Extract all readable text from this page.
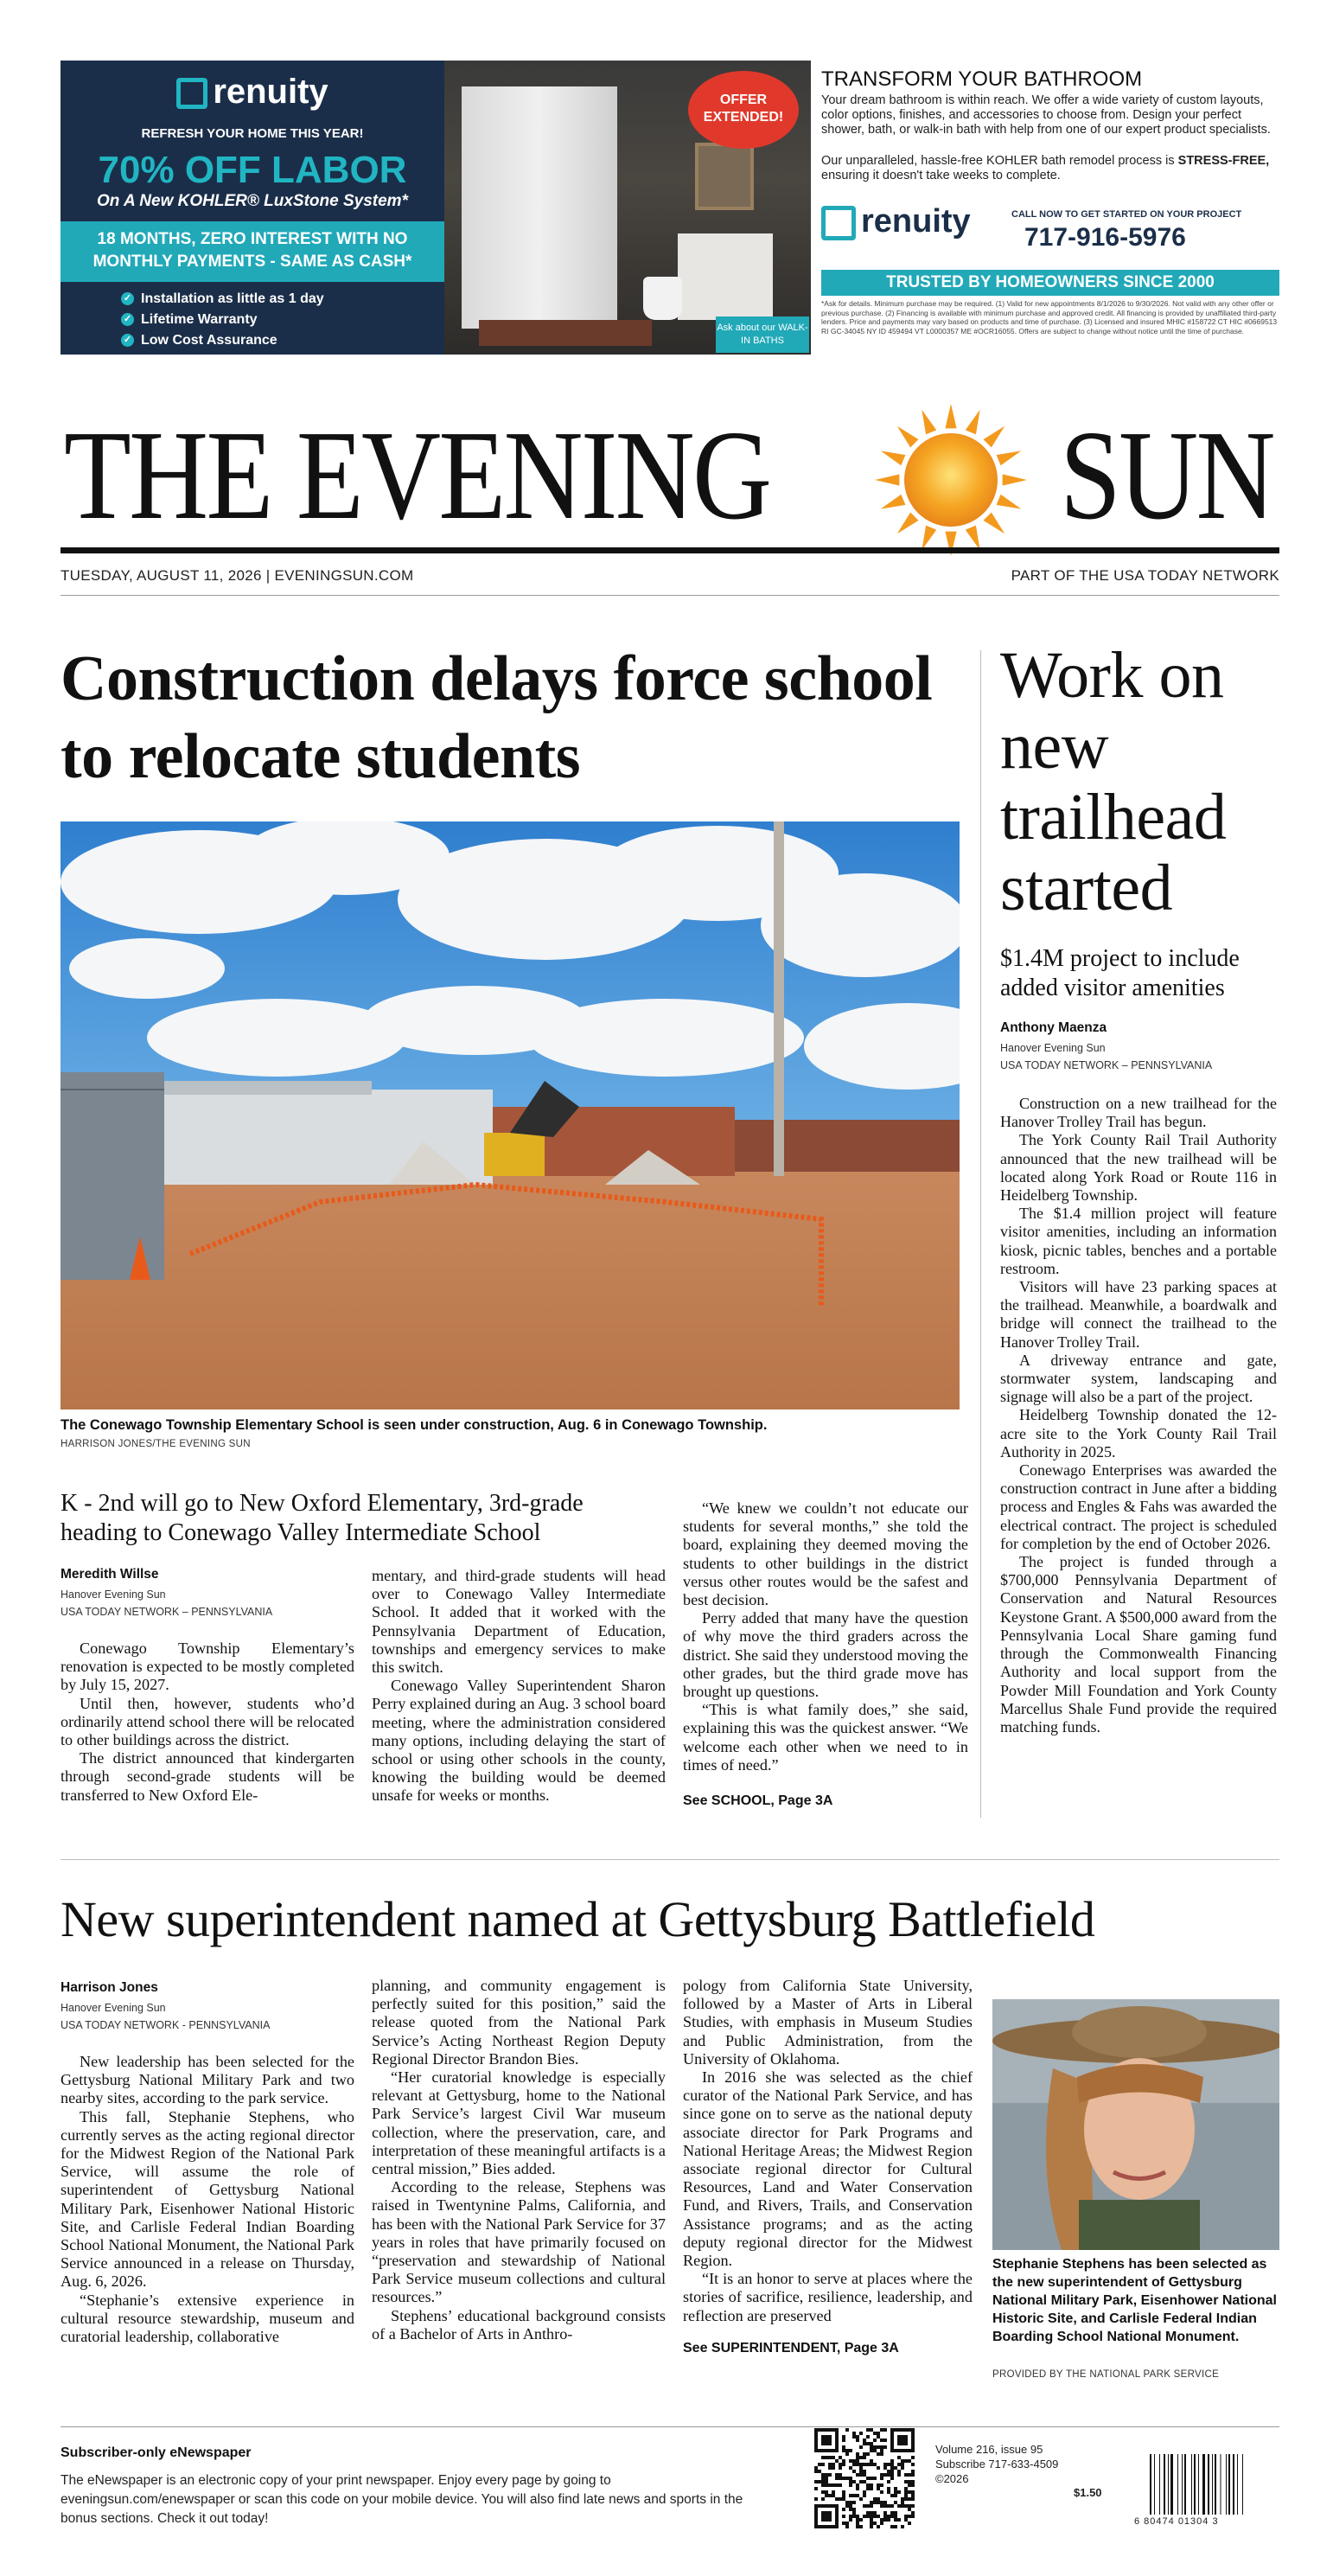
renuity
REFRESH YOUR HOME THIS YEAR!
70% OFF LABOR
On A New KOHLER® LuxStone System*
18 MONTHS, ZERO INTEREST WITH NO MONTHLY PAYMENTS - SAME AS CASH*
✓ Installation as little as 1 day
✓ Lifetime Warranty
✓ Low Cost Assurance
OFFER EXTENDED!
Ask about our WALK-IN BATHS
TRANSFORM YOUR BATHROOM
Your dream bathroom is within reach. We offer a wide variety of custom layouts, color options, finishes, and accessories to choose from. Design your perfect shower, bath, or walk-in bath with help from one of our expert product specialists.
Our unparalleled, hassle-free KOHLER bath remodel process is STRESS-FREE, ensuring it doesn't take weeks to complete.
renuity	CALL NOW TO GET STARTED ON YOUR PROJECT
717-916-5976
TRUSTED BY HOMEOWNERS SINCE 2000
*Ask for details. Minimum purchase may be required. (1) Valid for new appointments 8/1/2026 to 9/30/2026. Not valid with any other offer or previous purchase. (2) Financing is available with minimum purchase and approved credit. All financing is provided by unaffiliated third-party lenders. Price and payments may vary based on products and time of purchase. (3) Licensed and insured MHIC #158722 CT HIC #0669513 RI GC-34045 NY ID 459494 VT L0000357 ME #OCR16055. Offers are subject to change without notice until the time of purchase.
THE EVENING SUN
TUESDAY, AUGUST 11, 2026 | EVENINGSUN.COM	PART OF THE USA TODAY NETWORK
Construction delays force school to relocate students
The Conewago Township Elementary School is seen under construction, Aug. 6 in Conewago Township.
HARRISON JONES/THE EVENING SUN
K - 2nd will go to New Oxford Elementary, 3rd-grade heading to Conewago Valley Intermediate School
Meredith Willse
Hanover Evening Sun
USA TODAY NETWORK – PENNSYLVANIA

Conewago Township Elementary’s renovation is expected to be mostly completed by July 15, 2027.

Until then, however, students who’d ordinarily attend school there will be relocated to other buildings across the district.

The district announced that kindergarten through second-grade students will be transferred to New Oxford Ele-

mentary, and third-grade students will head over to Conewago Valley Intermediate School. It added that it worked with the Pennsylvania Department of Education, townships and emergency services to make this switch.

Conewago Valley Superintendent Sharon Perry explained during an Aug. 3 school board meeting, where the administration considered many options, including delaying the start of school or using other schools in the county, knowing the building would be deemed unsafe for weeks or months.

“We knew we couldn’t not educate our students for several months,” she told the board, explaining they deemed moving the students to other buildings in the district versus other routes would be the safest and best decision.

Perry added that many have the question of why move the third graders across the district. She said they understood moving the other grades, but the third grade move has brought up questions.

“This is what family does,” she said, explaining this was the quickest answer. “We welcome each other when we need to in times of need.”

See SCHOOL, Page 3A
Work on new trailhead started
$1.4M project to include added visitor amenities
Anthony Maenza
Hanover Evening Sun
USA TODAY NETWORK – PENNSYLVANIA

Construction on a new trailhead for the Hanover Trolley Trail has begun.

The York County Rail Trail Authority announced that the new trailhead will be located along York Road or Route 116 in Heidelberg Township.

The $1.4 million project will feature visitor amenities, including an information kiosk, picnic tables, benches and a portable restroom.

Visitors will have 23 parking spaces at the trailhead. Meanwhile, a boardwalk and bridge will connect the trailhead to the Hanover Trolley Trail.

A driveway entrance and gate, stormwater system, landscaping and signage will also be a part of the project.

Heidelberg Township donated the 12-acre site to the York County Rail Trail Authority in 2025.

Conewago Enterprises was awarded the construction contract in June after a bidding process and Engles & Fahs was awarded the electrical contract. The project is scheduled for completion by the end of October 2026.

The project is funded through a $700,000 Pennsylvania Department of Conservation and Natural Resources Keystone Grant. A $500,000 award from the Pennsylvania Local Share gaming fund through the Commonwealth Financing Authority and local support from the Powder Mill Foundation and York County Marcellus Shale Fund provide the required matching funds.

New superintendent named at Gettysburg Battlefield
Harrison Jones
Hanover Evening Sun
USA TODAY NETWORK - PENNSYLVANIA

New leadership has been selected for the Gettysburg National Military Park and two nearby sites, according to the park service.

This fall, Stephanie Stephens, who currently serves as the acting regional director for the Midwest Region of the National Park Service, will assume the role of superintendent of Gettysburg National Military Park, Eisenhower National Historic Site, and Carlisle Federal Indian Boarding School National Monument, the National Park Service announced in a release on Thursday, Aug. 6, 2026.

“Stephanie’s extensive experience in cultural resource stewardship, museum and curatorial leadership, collaborative

planning, and community engagement is perfectly suited for this position,” said the release quoted from the National Park Service’s Acting Northeast Region Deputy Regional Director Brandon Bies.

“Her curatorial knowledge is especially relevant at Gettysburg, home to the National Park Service’s largest Civil War museum collection, where the preservation, care, and interpretation of these meaningful artifacts is a central mission,” Bies added.

According to the release, Stephens was raised in Twentynine Palms, California, and has been with the National Park Service for 37 years in roles that have primarily focused on “preservation and stewardship of National Park Service museum collections and cultural resources.”

Stephens’ educational background consists of a Bachelor of Arts in Anthro-

pology from California State University, followed by a Master of Arts in Liberal Studies, with emphasis in Museum Studies and Public Administration, from the University of Oklahoma.

In 2016 she was selected as the chief curator of the National Park Service, and has since gone on to serve as the national deputy associate director for Park Programs and National Heritage Areas; the Midwest Region associate regional director for Cultural Resources, Land and Water Conservation Fund, and Rivers, Trails, and Conservation Assistance programs; and as the acting deputy regional director for the Midwest Region.

“It is an honor to serve at places where the stories of sacrifice, resilience, leadership, and reflection are preserved

See SUPERINTENDENT, Page 3A
Stephanie Stephens has been selected as the new superintendent of Gettysburg National Military Park, Eisenhower National Historic Site, and Carlisle Federal Indian Boarding School National Monument.
PROVIDED BY THE NATIONAL PARK SERVICE
Subscriber-only eNewspaper
The eNewspaper is an electronic copy of your print newspaper. Enjoy every page by going to eveningsun.com/enewspaper or scan this code on your mobile device. You will also find late news and sports in the bonus sections. Check it out today!
Volume 216, issue 95
Subscribe 717-633-4509
©2026
$1.50
6 80474 01304 3
